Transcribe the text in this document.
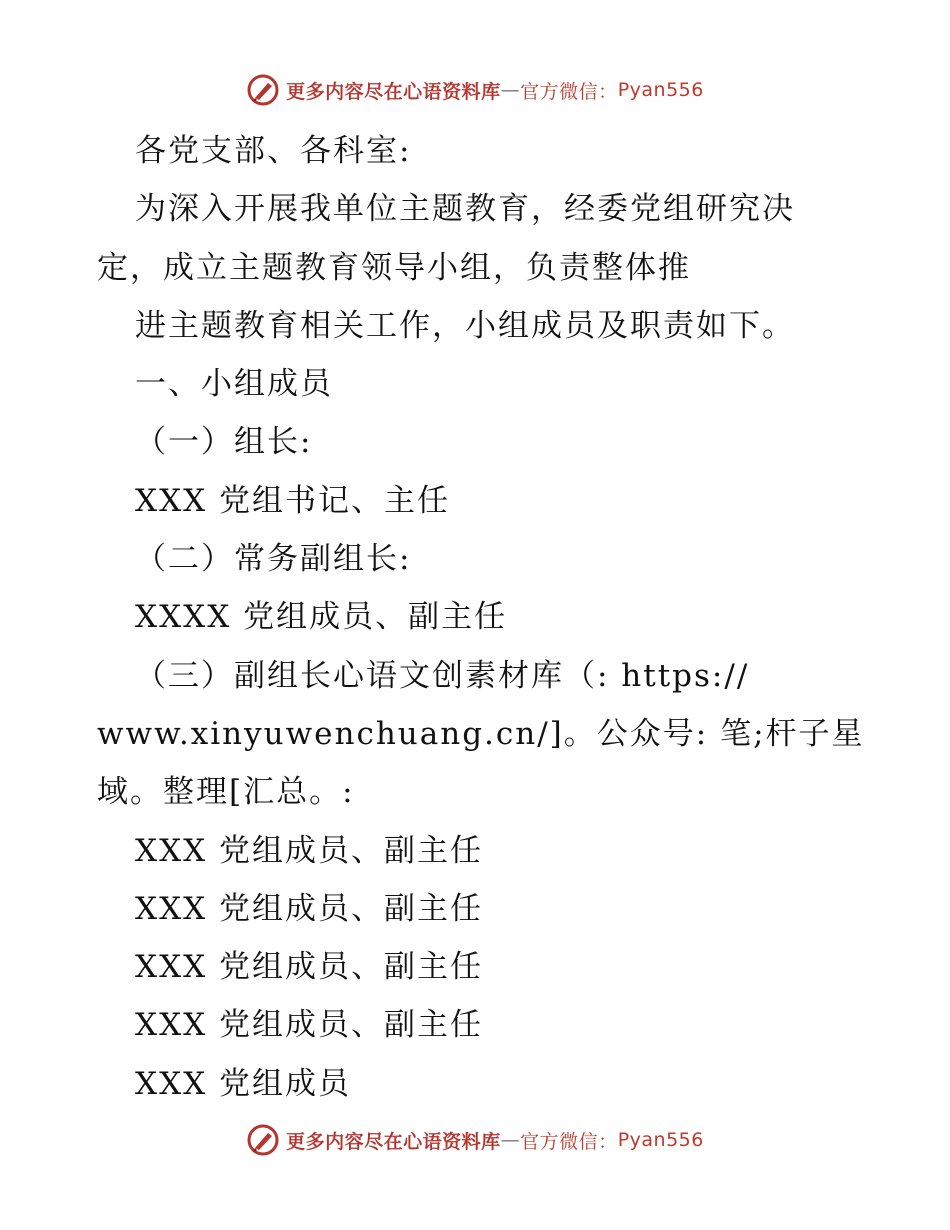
更多内容尽在心语资料库 — 官方微信： Pyan556
各党支部、各科室:
为深入开展我单位主题教育，经委党组研究决
定，成立主题教育领导小组，负责整体推
进主题教育相关工作，小组成员及职责如下。
一、小组成员
（一）组长:
XXX 党组书记、主任
（二）常务副组长:
XXXX 党组成员、副主任
（三）副组长心语文创素材库（: https://
www.xinyuwenchuang.cn/]。公众号: 笔;杆子星
域。整理[汇总。:
XXX 党组成员、副主任
XXX 党组成员、副主任
XXX 党组成员、副主任
XXX 党组成员、副主任
XXX 党组成员
更多内容尽在心语资料库 — 官方微信： Pyan556
